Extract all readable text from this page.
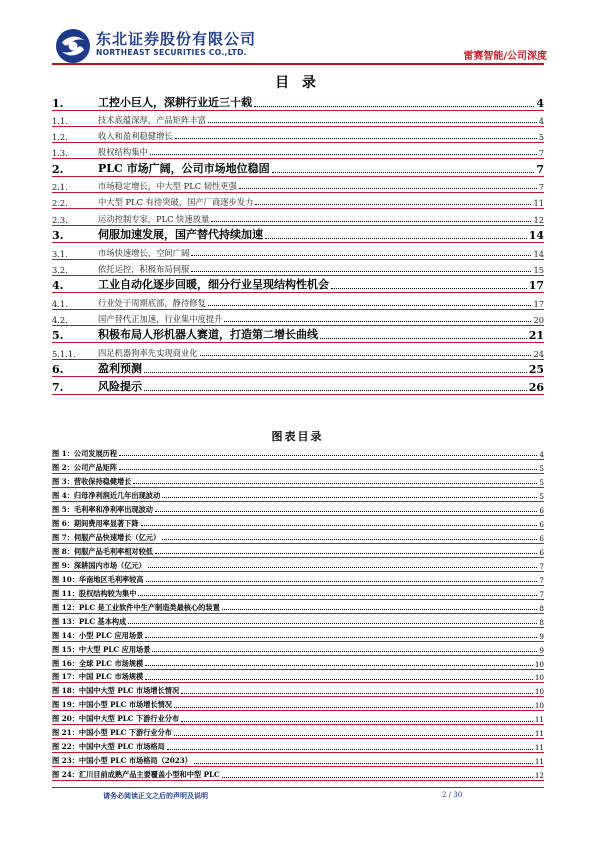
东北证券股份有限公司
NORTHEAST SECURITIES CO.,LTD.	雷赛智能/公司深度
目 录
1.	工控小巨人，深耕行业近三十载	4
1.1.	技术底蕴深厚，产品矩阵丰富	4
1.2.	收入和盈利稳健增长	5
1.3.	股权结构集中	7
2.	PLC 市场广阔，公司市场地位稳固	7
2.1.	市场稳定增长，中大型 PLC 韧性更强	7
2.2.	中大型 PLC 有待突破，国产厂商逐步发力	11
2.3.	运动控制专家，PLC 快速放量	12
3.	伺服加速发展，国产替代持续加速	14
3.1.	市场快速增长，空间广阔	14
3.2.	依托运控，积极布局伺服	15
4.	工业自动化逐步回暖，细分行业呈现结构性机会	17
4.1.	行业处于周期底部，静待修复	17
4.2.	国产替代正加速，行业集中度提升	20
5.	积极布局人形机器人赛道，打造第二增长曲线	21
5.1.1.	四足机器狗率先实现商业化	24
6.	盈利预测	25
7.	风险提示	26
图表目录
图 1：公司发展历程	4
图 2：公司产品矩阵	5
图 3：营收保持稳健增长	5
图 4：归母净利润近几年出现波动	5
图 5：毛利率和净利率出现波动	6
图 6：期间费用率显著下降	6
图 7：伺服产品快速增长（亿元）	6
图 8：伺服产品毛利率相对较低	6
图 9：深耕国内市场（亿元）	7
图 10：华南地区毛利率较高	7
图 11：股权结构较为集中	7
图 12：PLC 是工业软件中生产制造类最核心的装置	8
图 13：PLC 基本构成	8
图 14：小型 PLC 应用场景	9
图 15：中大型 PLC 应用场景	9
图 16：全球 PLC 市场规模	10
图 17：中国 PLC 市场规模	10
图 18：中国中大型 PLC 市场增长情况	10
图 19：中国小型 PLC 市场增长情况	10
图 20：中国中大型 PLC 下游行业分布	11
图 21：中国小型 PLC 下游行业分布	11
图 22：中国中大型 PLC 市场格局	11
图 23：中国小型 PLC 市场格局（2023）	11
图 24：汇川目前成熟产品主要覆盖小型和中型 PLC	12
请务必阅读正文之后的声明及说明	2 / 30
